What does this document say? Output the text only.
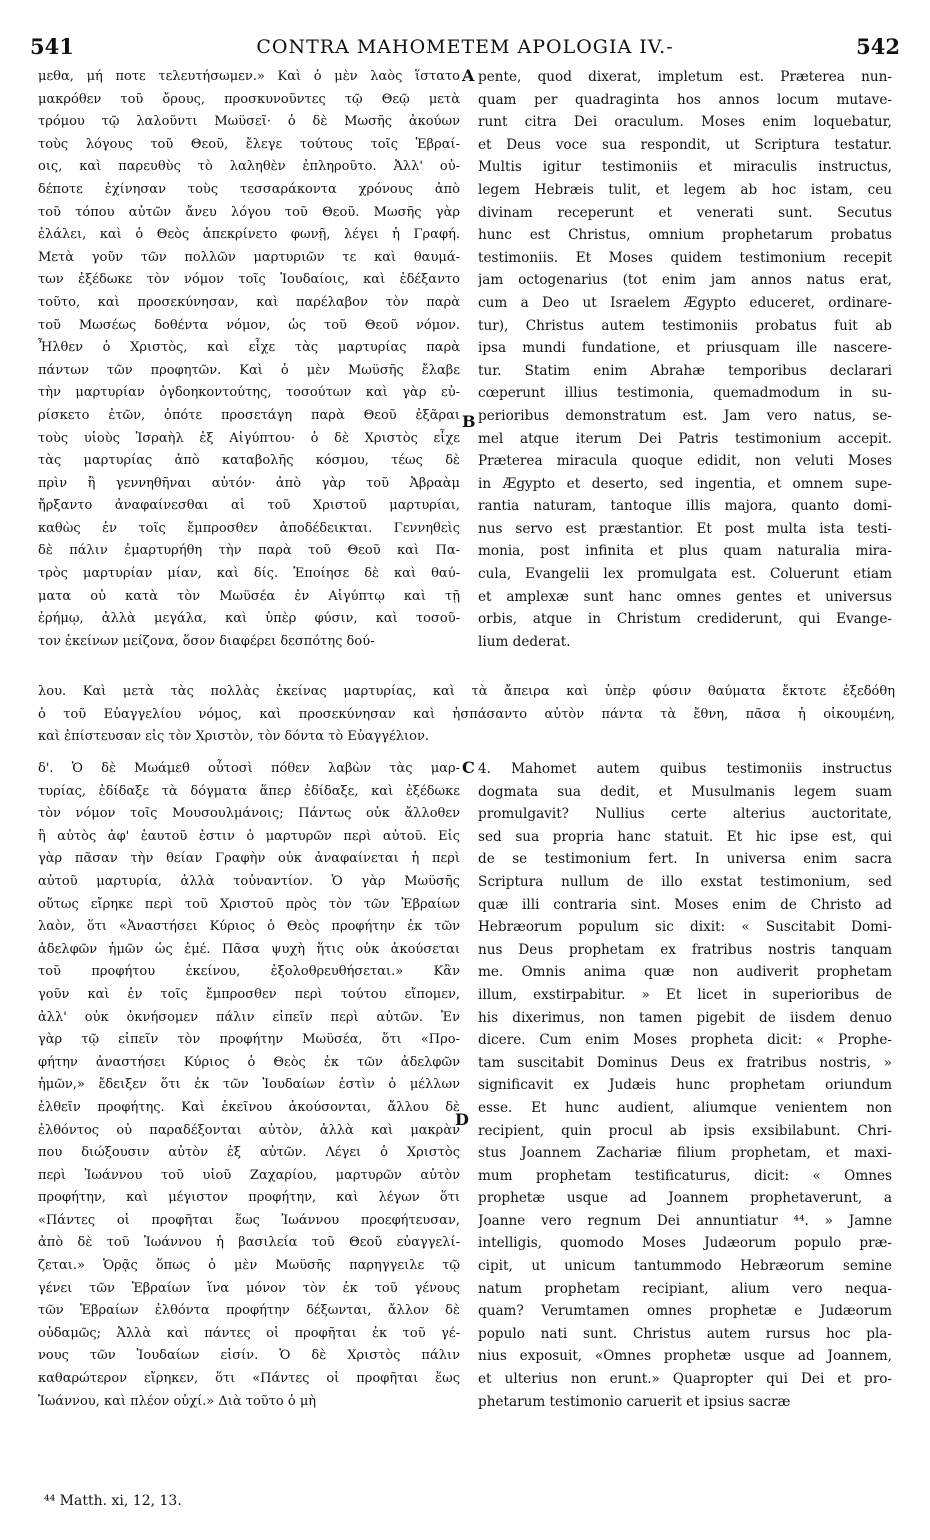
541	CONTRA MAHOMETEM APOLOGIA IV.-	542
μεθα, μή ποτε τελευτήσωμεν.» Καὶ ὁ μὲν λαὸς ἵστατο
μακρόθεν τοῦ ὄρους, προσκυνοῦντες τῷ Θεῷ μετὰ
τρόμου τῷ λαλοῦντι Μωϋσεῖ· ὁ δὲ Μωσῆς ἀκούων
τοὺς λόγους τοῦ Θεοῦ, ἔλεγε τούτους τοῖς Ἑβραί-
οις, καὶ παρευθὺς τὸ λαληθὲν ἐπληροῦτο. Ἀλλ' οὐ-
δέποτε ἐχίνησαν τοὺς τεσσαράκοντα χρόνους ἀπὸ
τοῦ τόπου αὐτῶν ἄνευ λόγου τοῦ Θεοῦ. Μωσῆς γὰρ
ἐλάλει, καὶ ὁ Θεὸς ἀπεκρίνετο φωνῇ, λέγει ἡ Γραφή.
Μετὰ γοῦν τῶν πολλῶν μαρτυριῶν τε καὶ θαυμά-
των ἐξέδωκε τὸν νόμον τοῖς Ἰουδαίοις, καὶ ἐδέξαντο
τοῦτο, καὶ προσεκύνησαν, καὶ παρέλαβον τὸν παρὰ
τοῦ Μωσέως δοθέντα νόμον, ὡς τοῦ Θεοῦ νόμον.
Ἦλθεν ὁ Χριστὸς, καὶ εἶχε τὰς μαρτυρίας παρὰ
πάντων τῶν προφητῶν. Καὶ ὁ μὲν Μωϋσῆς ἔλαβε
τὴν μαρτυρίαν ὀγδοηκοντούτης, τοσούτων καὶ γὰρ εὑ-
ρίσκετο ἐτῶν, ὁπότε προσετάγη παρὰ Θεοῦ ἐξᾶραι
τοὺς υἱοὺς Ἰσραὴλ ἐξ Αἰγύπτου· ὁ δὲ Χριστὸς εἶχε
τὰς μαρτυρίας ἀπὸ καταβολῆς κόσμου, τέως δὲ
πρὶν ἢ γεννηθῆναι αὐτόν· ἀπὸ γὰρ τοῦ Ἀβραὰμ
ἤρξαντο ἀναφαίνεσθαι αἱ τοῦ Χριστοῦ μαρτυρίαι,
καθὼς ἐν τοῖς ἔμπροσθεν ἀποδέδεικται. Γεννηθεὶς
δὲ πάλιν ἐμαρτυρήθη τὴν παρὰ τοῦ Θεοῦ καὶ Πα-
τρὸς μαρτυρίαν μίαν, καὶ δίς. Ἐποίησε δὲ καὶ θαύ-
ματα οὐ κατὰ τὸν Μωϋσέα ἐν Αἰγύπτῳ καὶ τῇ
ἐρήμῳ, ἀλλὰ μεγάλα, καὶ ὑπὲρ φύσιν, καὶ τοσοῦ-
τον ἐκείνων μείζονα, ὅσον διαφέρει δεσπότης δού-
pente, quod dixerat, impletum est. Præterea nun-
quam per quadraginta hos annos locum mutave-
runt citra Dei oraculum. Moses enim loquebatur,
et Deus voce sua respondit, ut Scriptura testatur.
Multis igitur testimoniis et miraculis instructus,
legem Hebræis tulit, et legem ab hoc istam, ceu
divinam receperunt et venerati sunt. Secutus
hunc est Christus, omnium prophetarum probatus
testimoniis. Et Moses quidem testimonium recepit
jam octogenarius (tot enim jam annos natus erat,
cum a Deo ut Israelem Ægypto educeret, ordinare-
tur), Christus autem testimoniis probatus fuit ab
ipsa mundi fundatione, et priusquam ille nascere-
tur. Statim enim Abrahæ temporibus declarari
cœperunt illius testimonia, quemadmodum in su-
perioribus demonstratum est. Jam vero natus, se-
mel atque iterum Dei Patris testimonium accepit.
Præterea miracula quoque edidit, non veluti Moses
in Ægypto et deserto, sed ingentia, et omnem supe-
rantia naturam, tantoque illis majora, quanto domi-
nus servo est præstantior. Et post multa ista testi-
monia, post infinita et plus quam naturalia mira-
cula, Evangelii lex promulgata est. Coluerunt etiam
et amplexæ sunt hanc omnes gentes et universus
orbis, atque in Christum crediderunt, qui Evange-
lium dederat.
λου. Καὶ μετὰ τὰς πολλὰς ἐκείνας μαρτυρίας, καὶ τὰ ἄπειρα καὶ ὑπὲρ φύσιν θαύματα ἔκτοτε ἐξεδόθη
ὁ τοῦ Εὐαγγελίου νόμος, καὶ προσεκύνησαν καὶ ἠσπάσαντο αὐτὸν πάντα τὰ ἔθνη, πᾶσα ἡ οἰκουμένη,
καὶ ἐπίστευσαν εἰς τὸν Χριστὸν, τὸν δόντα τὸ Εὐαγγέλιον.
δ'. Ὁ δὲ Μωάμεθ οὗτοσὶ πόθεν λαβὼν τὰς μαρ-
τυρίας, ἐδίδαξε τὰ δόγματα ἅπερ ἐδίδαξε, καὶ ἐξέδωκε
τὸν νόμον τοῖς Μουσουλμάνοις; Πάντως οὐκ ἄλλοθεν
ἢ αὐτὸς ἀφ' ἑαυτοῦ ἐστιν ὁ μαρτυρῶν περὶ αὐτοῦ. Εἰς
γὰρ πᾶσαν τὴν θείαν Γραφὴν οὐκ ἀναφαίνεται ἡ περὶ
αὐτοῦ μαρτυρία, ἀλλὰ τοὐναντίον. Ὁ γὰρ Μωϋσῆς
οὕτως εἴρηκε περὶ τοῦ Χριστοῦ πρὸς τὸν τῶν Ἑβραίων
λαὸν, ὅτι «Ἀναστήσει Κύριος ὁ Θεὸς προφήτην ἐκ τῶν
ἀδελφῶν ἡμῶν ὡς ἐμέ. Πᾶσα ψυχὴ ἥτις οὐκ ἀκούσεται
τοῦ προφήτου ἐκείνου, ἐξολοθρευθήσεται.» Κἂν
γοῦν καὶ ἐν τοῖς ἔμπροσθεν περὶ τούτου εἴπομεν,
ἀλλ' οὐκ ὀκνήσομεν πάλιν εἰπεῖν περὶ αὐτῶν. Ἐν
γὰρ τῷ εἰπεῖν τὸν προφήτην Μωϋσέα, ὅτι «Προ-
φήτην ἀναστήσει Κύριος ὁ Θεὸς ἐκ τῶν ἀδελφῶν
ἡμῶν,» ἔδειξεν ὅτι ἐκ τῶν Ἰουδαίων ἐστὶν ὁ μέλλων
ἐλθεῖν προφήτης. Καὶ ἐκεῖνου ἀκούσονται, ἄλλου δὲ
ἐλθόντος οὐ παραδέξονται αὐτὸν, ἀλλὰ καὶ μακρὰν
που διώξουσιν αὐτὸν ἐξ αὐτῶν. Λέγει ὁ Χριστὸς
περὶ Ἰωάννου τοῦ υἱοῦ Ζαχαρίου, μαρτυρῶν αὐτὸν
προφήτην, καὶ μέγιστον προφήτην, καὶ λέγων ὅτι
«Πάντες οἱ προφῆται ἕως Ἰωάννου προεφήτευσαν,
ἀπὸ δὲ τοῦ Ἰωάννου ἡ βασιλεία τοῦ Θεοῦ εὐαγγελί-
ζεται.» Ὁρᾷς ὅπως ὁ μὲν Μωϋσῆς παρηγγειλε τῷ
γένει τῶν Ἑβραίων ἵνα μόνον τὸν ἐκ τοῦ γένους
τῶν Ἑβραίων ἐλθόντα προφήτην δέξωνται, ἄλλον δὲ
οὐδαμῶς; Ἀλλὰ καὶ πάντες οἱ προφῆται ἐκ τοῦ γέ-
νους τῶν Ἰουδαίων εἰσίν. Ὁ δὲ Χριστὸς πάλιν
καθαρώτερον εἴρηκεν, ὅτι «Πάντες οἱ προφῆται ἕως
Ἰωάννου, καὶ πλέον οὐχί.» Διὰ τοῦτο ὁ μὴ
4. Mahomet autem quibus testimoniis instructus
dogmata sua dedit, et Musulmanis legem suam
promulgavit? Nullius certe alterius auctoritate,
sed sua propria hanc statuit. Et hic ipse est, qui
de se testimonium fert. In universa enim sacra
Scriptura nullum de illo exstat testimonium, sed
quæ illi contraria sint. Moses enim de Christo ad
Hebræorum populum sic dixit: « Suscitabit Domi-
nus Deus prophetam ex fratribus nostris tanquam
me. Omnis anima quæ non audiverit prophetam
illum, exstirpabitur. » Et licet in superioribus de
his dixerimus, non tamen pigebit de iisdem denuo
dicere. Cum enim Moses propheta dicit: « Prophe-
tam suscitabit Dominus Deus ex fratribus nostris, »
significavit ex Judæis hunc prophetam oriundum
esse. Et hunc audient, aliumque venientem non
recipient, quin procul ab ipsis exsibilabunt. Chri-
stus Joannem Zachariæ filium prophetam, et maxi-
mum prophetam testificaturus, dicit: « Omnes
prophetæ usque ad Joannem prophetaverunt, a
Joanne vero regnum Dei annuntiatur ⁴⁴. » Jamne
intelligis, quomodo Moses Judæorum populo præ-
cipit, ut unicum tantummodo Hebræorum semine
natum prophetam recipiant, alium vero nequa-
quam? Verumtamen omnes prophetæ e Judæorum
populo nati sunt. Christus autem rursus hoc pla-
nius exposuit, «Omnes prophetæ usque ad Joannem,
et ulterius non erunt.» Quapropter qui Dei et pro-
phetarum testimonio caruerit et ipsius sacræ
A
B
C
D
⁴⁴ Matth. xi, 12, 13.
